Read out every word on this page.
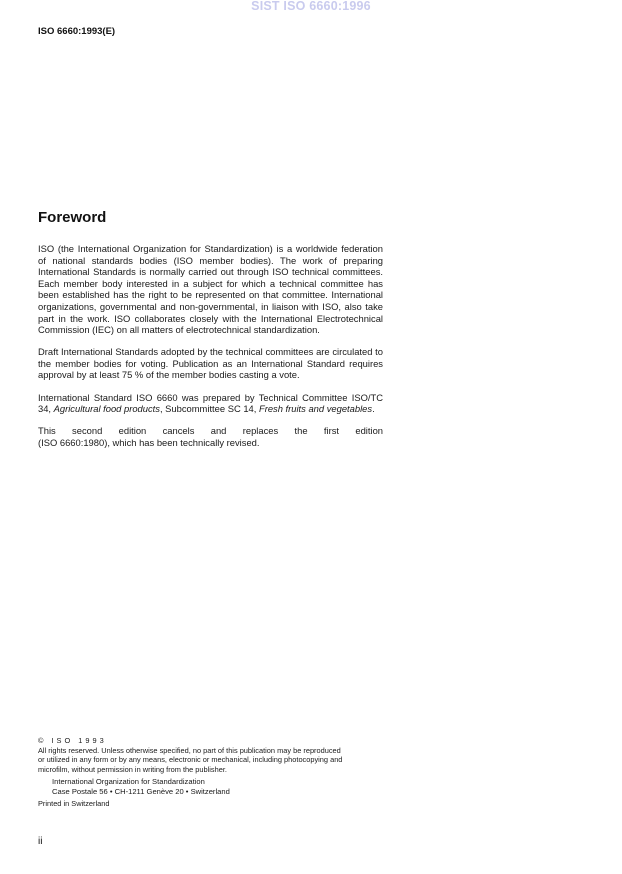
SIST ISO 6660:1996
ISO 6660:1993(E)
Foreword

ISO (the International Organization for Standardization) is a worldwide federation of national standards bodies (ISO member bodies). The work of preparing International Standards is normally carried out through ISO technical committees. Each member body interested in a subject for which a technical committee has been established has the right to be represented on that committee. International organizations, governmental and non-governmental, in liaison with ISO, also take part in the work. ISO collaborates closely with the International Electrotechnical Commission (IEC) on all matters of electrotechnical standardization.

Draft International Standards adopted by the technical committees are circulated to the member bodies for voting. Publication as an International Standard requires approval by at least 75 % of the member bodies casting a vote.

International Standard ISO 6660 was prepared by Technical Committee ISO/TC 34, Agricultural food products, Subcommittee SC 14, Fresh fruits and vegetables.

This second edition cancels and replaces the first edition
(ISO 6660:1980), which has been technically revised.

© ISO 1993
All rights reserved. Unless otherwise specified, no part of this publication may be reproduced
or utilized in any form or by any means, electronic or mechanical, including photocopying and
microfilm, without permission in writing from the publisher.
International Organization for Standardization
Case Postale 56 • CH-1211 Genève 20 • Switzerland
Printed in Switzerland
ii
